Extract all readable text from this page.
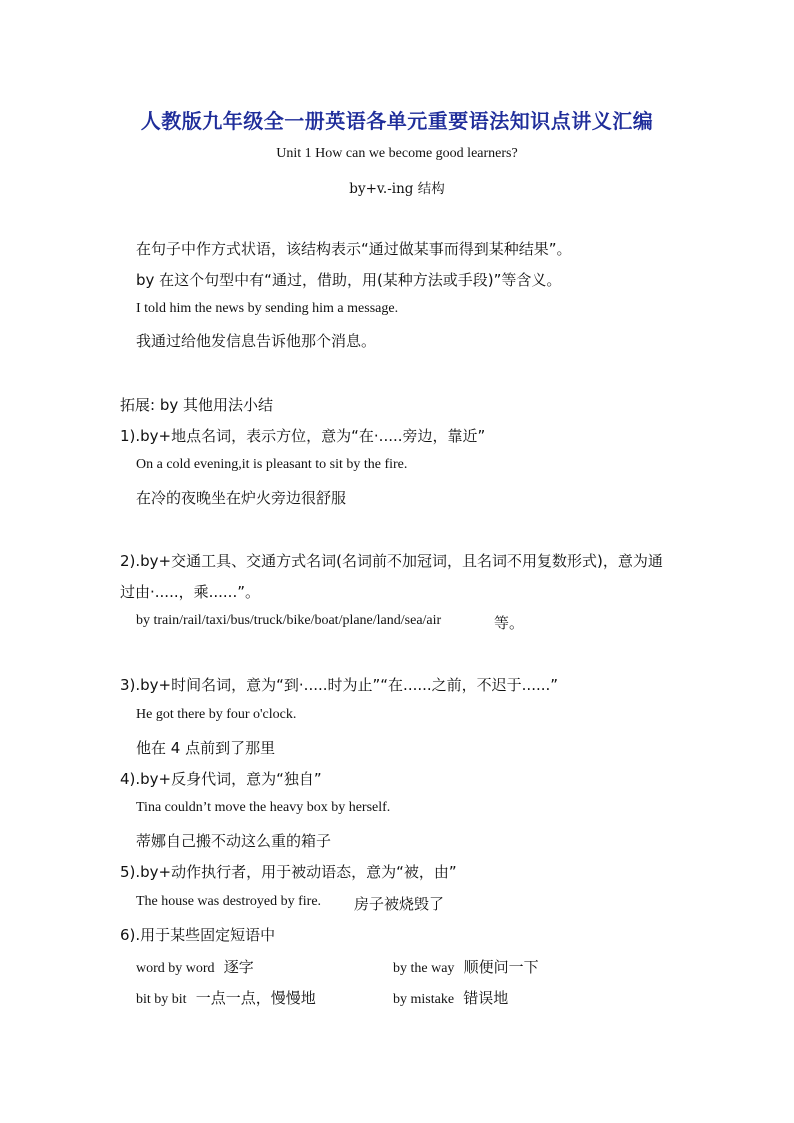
人教版九年级全一册英语各单元重要语法知识点讲义汇编
Unit 1 How can we become good learners?
by+v.-ing 结构
在句子中作方式状语，该结构表示“通过做某事而得到某种结果”。
by 在这个句型中有“通过，借助，用(某种方法或手段)”等含义。
I told him the news by sending him a message.
我通过给他发信息告诉他那个消息。
拓展: by 其他用法小结
1).by+地点名词，表示方位，意为“在·.....旁边，靠近”
On a cold evening,it is pleasant to sit by the fire.
在冷的夜晚坐在炉火旁边很舒服
2).by+交通工具、交通方式名词(名词前不加冠词，且名词不用复数形式)，意为通
过由·.....，乘......”。
by train/rail/taxi/bus/truck/bike/boat/plane/land/sea/air	等。
3).by+时间名词，意为“到·.....时为止”“在......之前，不迟于......”
He got there by four o'clock.
他在 4 点前到了那里
4).by+反身代词，意为“独自”
Tina couldn’t move the heavy box by herself.
蒂娜自己搬不动这么重的箱子
5).by+动作执行者，用于被动语态，意为“被，由”
The house was destroyed by fire. 房子被烧毁了
6).用于某些固定短语中
word by word 逐字	by the way 顺便问一下
bit by bit 一点一点，慢慢地	by mistake 错误地
